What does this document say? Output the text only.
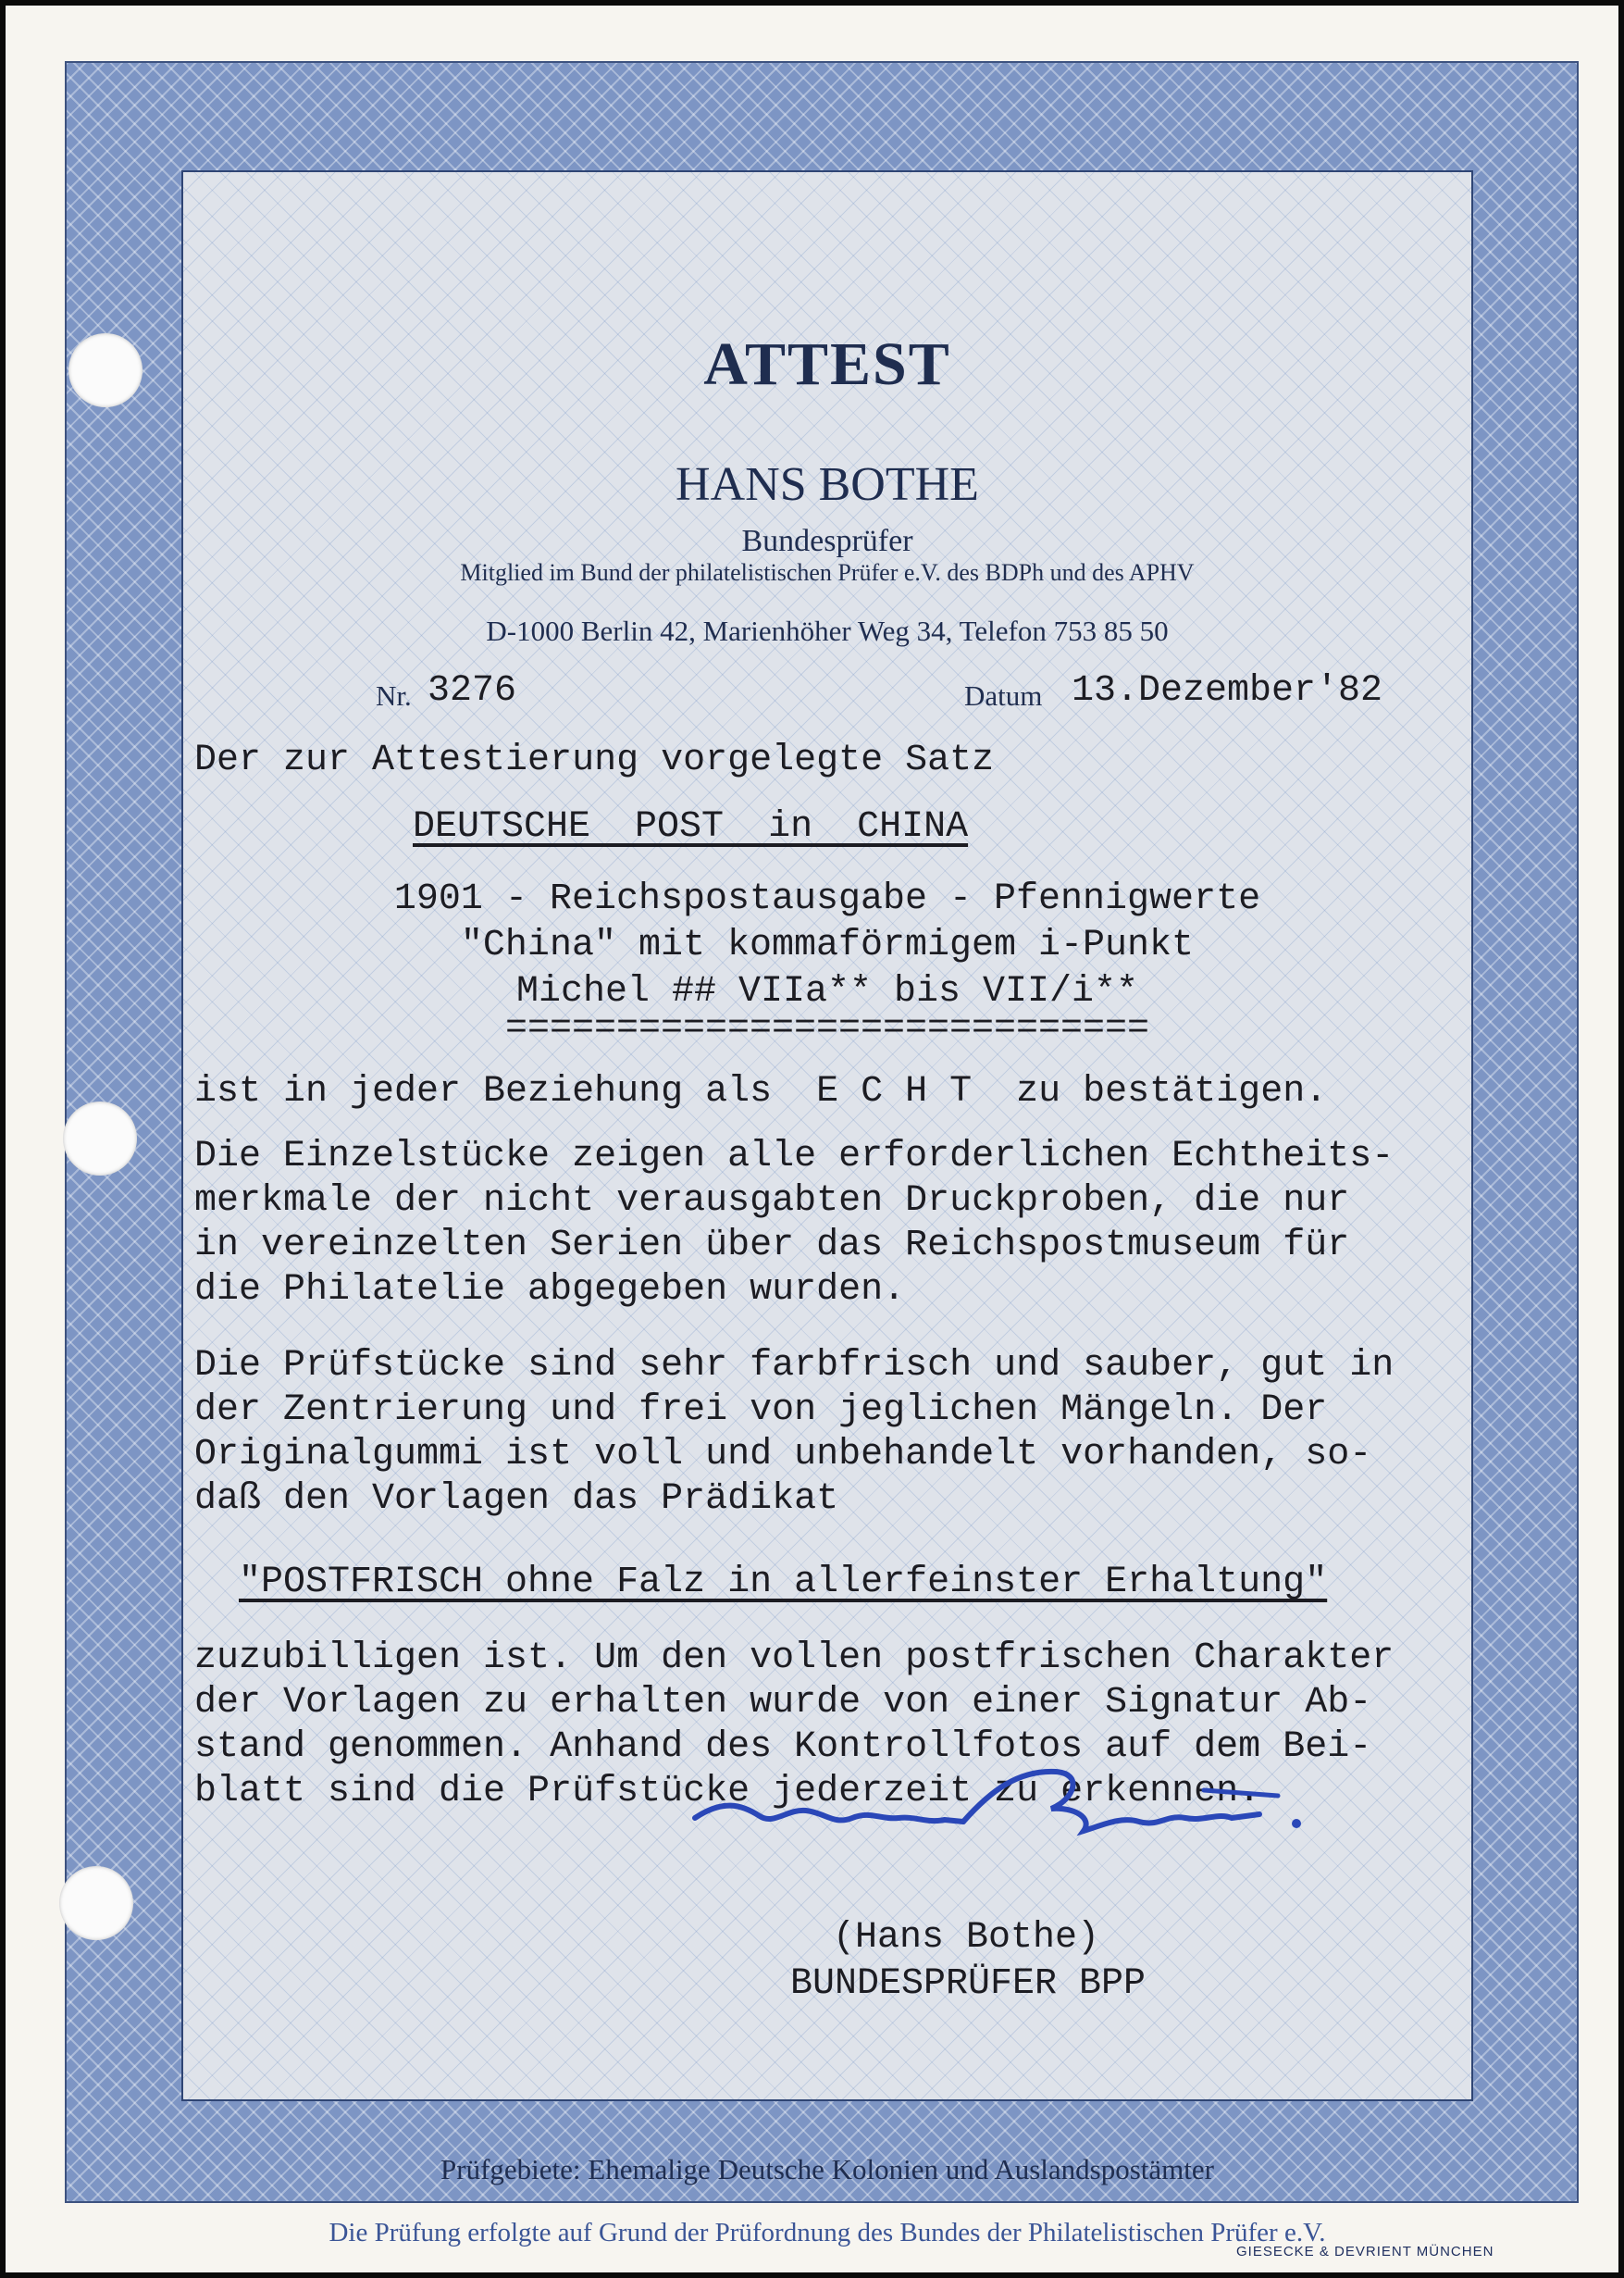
ATTEST
HANS BOTHE
Bundesprüfer
Mitglied im Bund der philatelistischen Prüfer e.V. des BDPh und des APHV
D-1000 Berlin 42, Marienhöher Weg 34, Telefon 753 85 50
Nr. 3276	Datum 13.Dezember'82
Der zur Attestierung vorgelegte Satz
DEUTSCHE  POST  in  CHINA
1901 - Reichspostausgabe - Pfennigwerte
"China" mit kommaförmigem i-Punkt
Michel ## VIIa** bis VII/i**
=============================
ist in jeder Beziehung als  E C H T  zu bestätigen.
Die Einzelstücke zeigen alle erforderlichen Echtheits-
merkmale der nicht verausgabten Druckproben, die nur
in vereinzelten Serien über das Reichspostmuseum für
die Philatelie abgegeben wurden.
Die Prüfstücke sind sehr farbfrisch und sauber, gut in
der Zentrierung und frei von jeglichen Mängeln. Der
Originalgummi ist voll und unbehandelt vorhanden, so-
daß den Vorlagen das Prädikat
"POSTFRISCH ohne Falz in allerfeinster Erhaltung"
zuzubilligen ist. Um den vollen postfrischen Charakter
der Vorlagen zu erhalten wurde von einer Signatur Ab-
stand genommen. Anhand des Kontrollfotos auf dem Bei-
blatt sind die Prüfstücke jederzeit zu erkennen.
(Hans Bothe)
BUNDESPRÜFER BPP
Prüfgebiete: Ehemalige Deutsche Kolonien und Auslandspostämter
Die Prüfung erfolgte auf Grund der Prüfordnung des Bundes der Philatelistischen Prüfer e.V.
GIESECKE & DEVRIENT MÜNCHEN
